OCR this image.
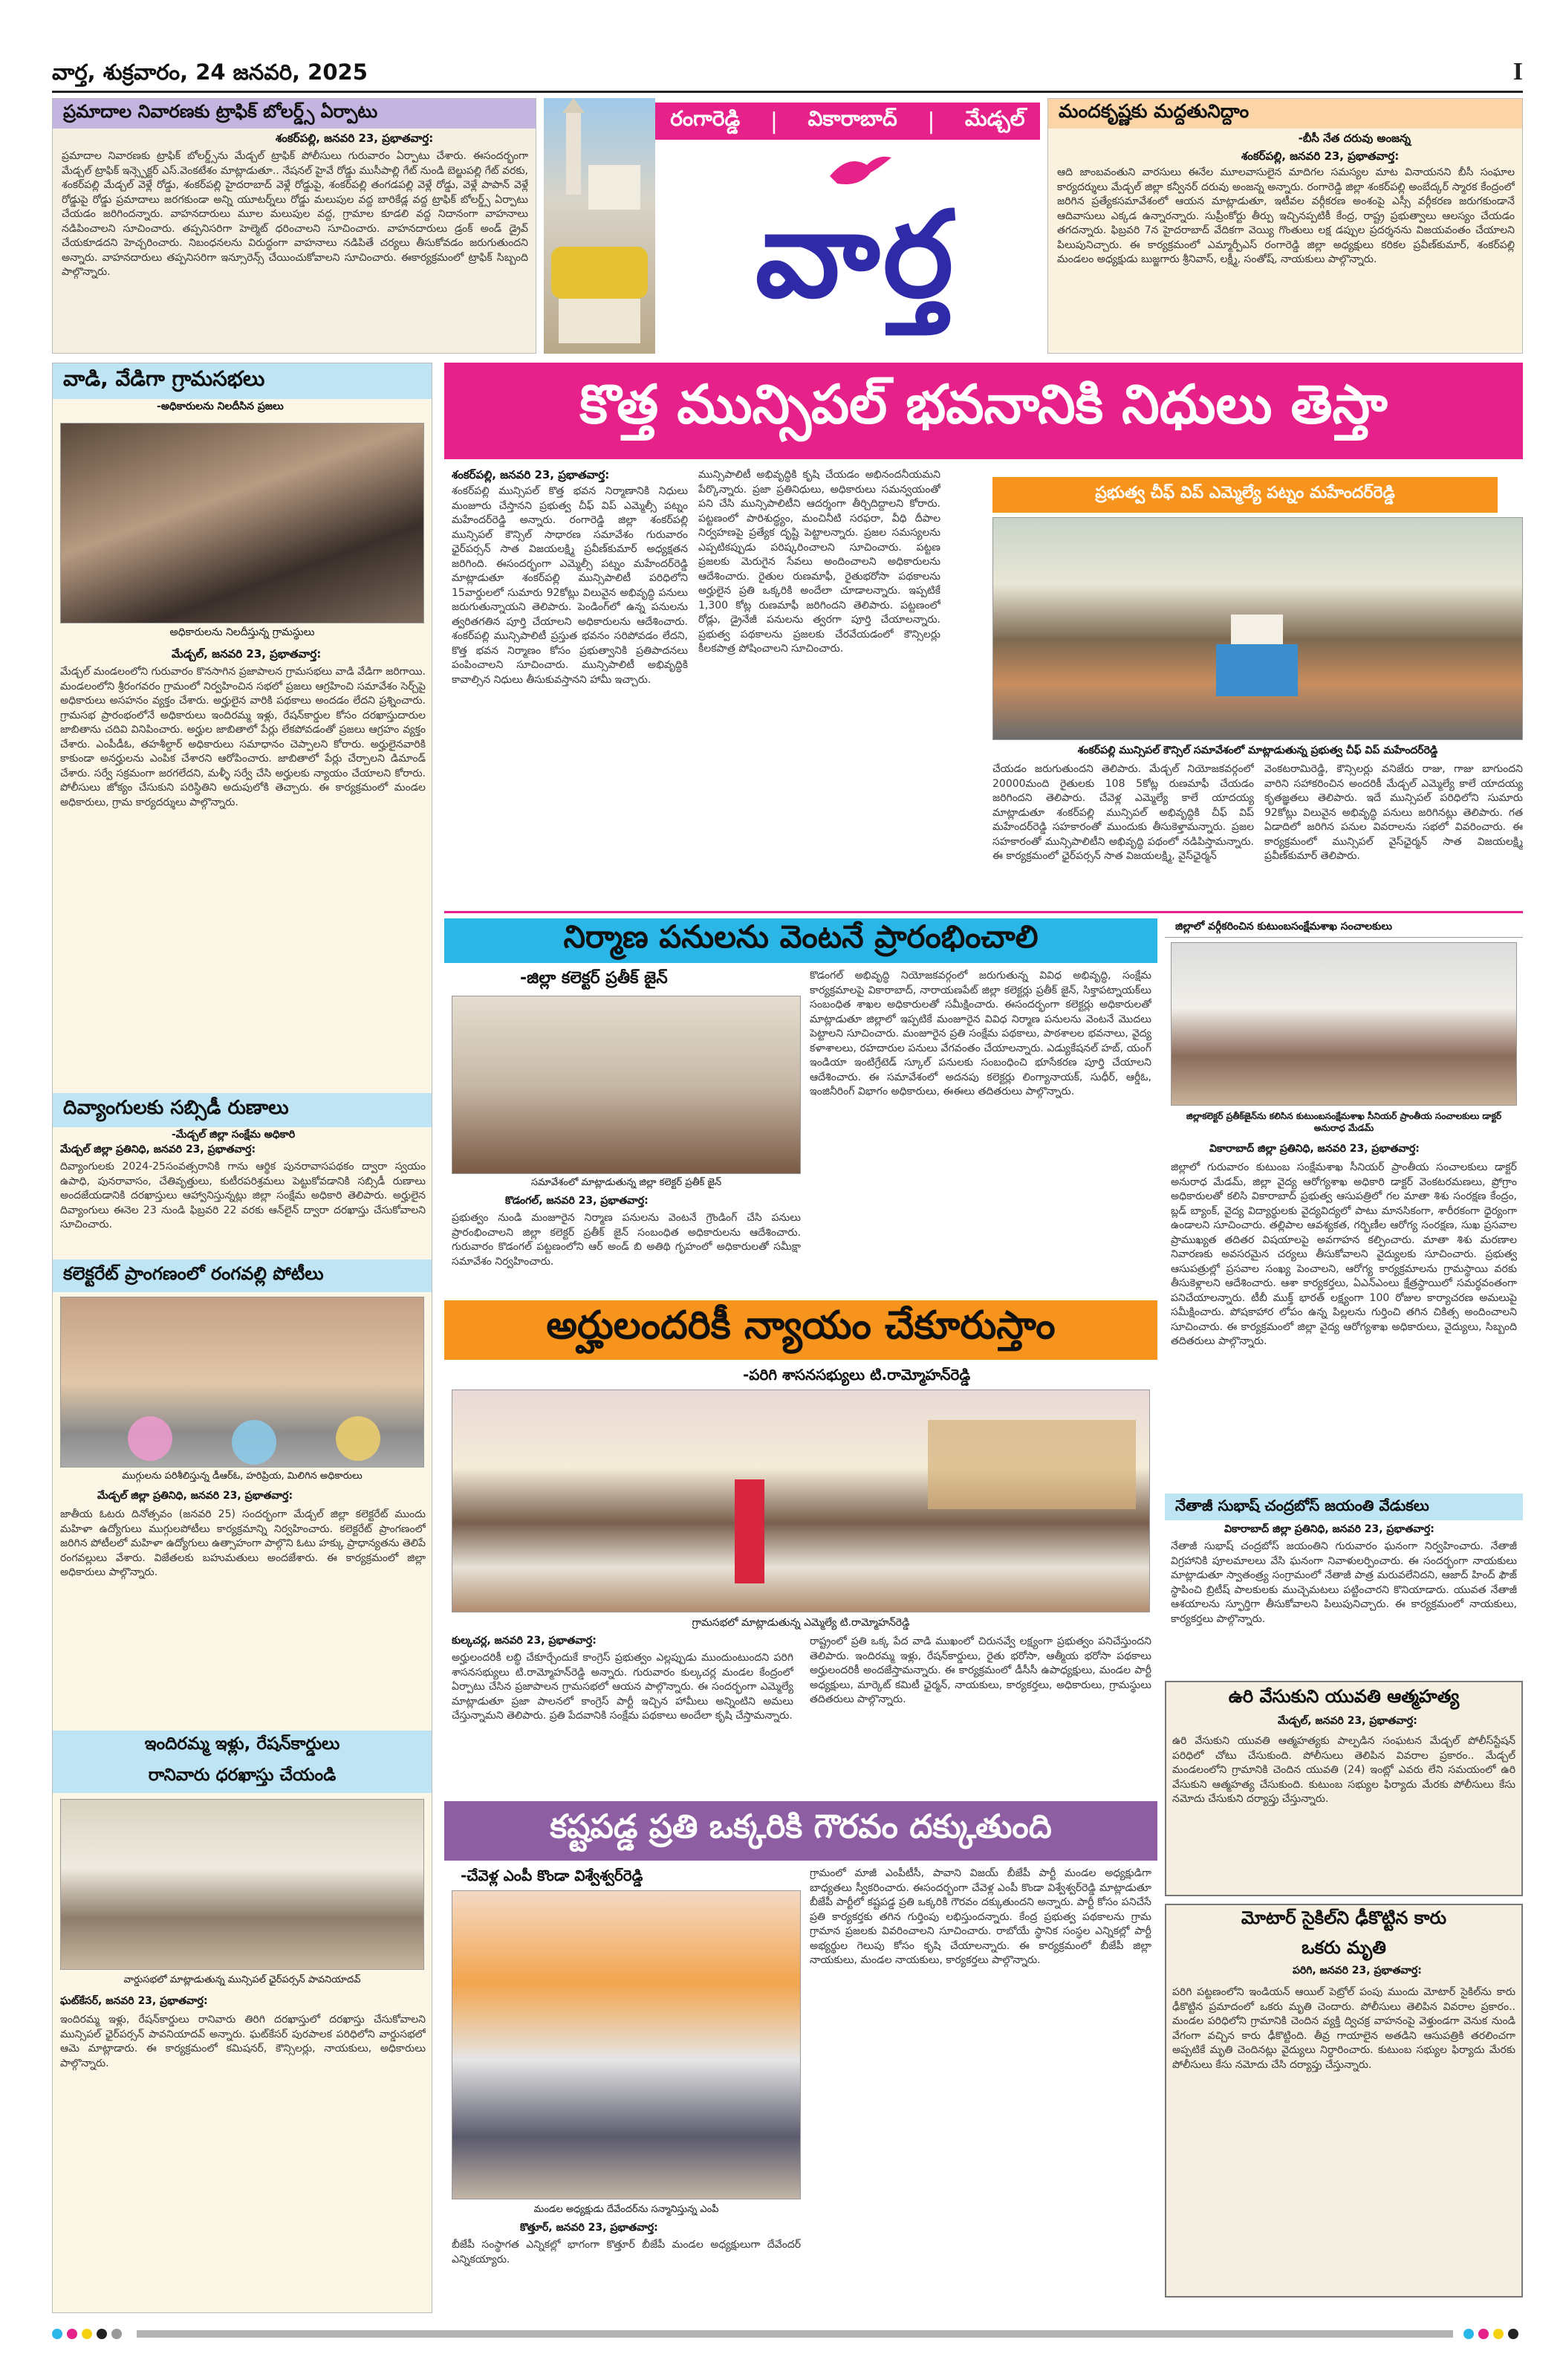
వార్త, శుక్రవారం, 24 జనవరి, 2025	I
ప్రమాదాల నివారణకు ట్రాఫిక్ బోలర్డ్స్ ఏర్పాటు
శంకర్‌పల్లి, జనవరి 23, ప్రభాతవార్త:
ప్రమాదాల నివారణకు ట్రాఫిక్ బోలర్డ్స్‌ను మేడ్చల్ ట్రాఫిక్ పోలీసులు గురువారం ఏర్పాటు చేశారు. ఈసందర్భంగా మేడ్చల్ ట్రాఫిక్ ఇన్స్పెక్టర్ ఎస్.వెంకటేశం మాట్లాడుతూ.. నేషనల్ హైవే రోడ్డు ముసీపాల్లి గేట్ నుండి బెల్జుపల్లి గేట్ వరకు, శంకర్‌పల్లి మేడ్చల్ వెళ్లే రోడ్డు, శంకర్‌పల్లి హైదరాబాద్ వెళ్లే రోడ్డుపై, శంకర్‌పల్లి తంగడపల్లి వెళ్లే రోడ్డు, వెళ్లే పాపాన్ వెళ్లే రోడ్డుపై రోడ్డు ప్రమాదాలు జరగకుండా అన్ని యూటర్న్‌లు రోడ్డు మలుపుల వద్ద బారికేడ్ల వద్ద ట్రాఫిక్ బోలర్డ్స్ ఏర్పాటు చేయడం జరిగిందన్నారు. వాహనదారులు మూల మలుపుల వద్ద, గ్రామాల కూడలి వద్ద నిదానంగా వాహనాలు నడిపించాలని సూచించారు. తప్పనిసరిగా హెల్మెట్ ధరించాలని సూచించారు. వాహనదారులు డ్రంక్ అండ్ డ్రైవ్ చేయకూడదని హెచ్చరించారు. నిబంధనలను విరుద్ధంగా వాహనాలు నడిపితే చర్యలు తీసుకోవడం జరుగుతుందని అన్నారు. వాహనదారులు తప్పనిసరిగా ఇన్సూరెన్స్ చేయించుకోవాలని సూచించారు. ఈకార్యక్రమంలో ట్రాఫిక్ సిబ్బంది పాల్గొన్నారు.
రంగారెడ్డి | వికారాబాద్ | మేడ్చల్
వార్త
మందకృష్ణకు మద్దతునిద్దాం
-బీసీ నేత దరువు అంజన్న
శంకర్‌పల్లి, జనవరి 23, ప్రభాతవార్త:
ఆది జాంబవంతుని వారసులు ఈనేల మూలవాసులైన మాదిగల సమస్యల మాట వినాయనని బీసీ సంఘాల కార్యదర్శులు మేడ్చల్ జిల్లా కన్వీనర్ దరువు అంజన్న అన్నారు. రంగారెడ్డి జిల్లా శంకర్‌పల్లి అంబేద్కర్ స్మారక కేంద్రంలో జరిగిన ప్రత్యేకసమావేశంలో ఆయన మాట్లాడుతూ, ఇటీవల వర్గీకరణ అంశంపై ఎస్సీ వర్గీకరణ జరుగకుండానే ఆదివాసులు ఎక్కడ ఉన్నారన్నారు. సుప్రీంకోర్టు తీర్పు ఇచ్చినప్పటికీ కేంద్ర, రాష్ట్ర ప్రభుత్వాలు ఆలస్యం చేయడం తగదన్నారు. ఫిబ్రవరి 7న హైదరాబాద్ వేదికగా వెయ్యి గొంతులు లక్ష డప్పుల ప్రదర్శనను విజయవంతం చేయాలని పిలుపునిచ్చారు. ఈ కార్యక్రమంలో ఎమ్మార్పీఎస్ రంగారెడ్డి జిల్లా అధ్యక్షులు కరికల ప్రవీణ్‌కుమార్, శంకర్‌పల్లి మండలం అధ్యక్షుడు బుజ్జగారు శ్రీనివాస్, లక్ష్మీ, సంతోష్, నాయకులు పాల్గొన్నారు.
వాడి, వేడిగా గ్రామసభలు
-అధికారులను నిలదీసిన ప్రజలు
అధికారులను నిలదీస్తున్న గ్రామస్థులు
మేడ్చల్, జనవరి 23, ప్రభాతవార్త:
మేడ్చల్ మండలంలోని గురువారం కొనసాగిన ప్రజాపాలన గ్రామసభలు వాడి వేడిగా జరిగాయి. మండలంలోని శ్రీరంగవరం గ్రామంలో నిర్వహించిన సభలో ప్రజలు ఆగ్రహించి సమావేశం సెర్చ్‌పై అధికారులు అసహనం వ్యక్తం చేశారు. అర్హులైన వారికి పథకాలు అందడం లేదని ప్రశ్నించారు. గ్రామసభ ప్రారంభంలోనే అధికారులు ఇందిరమ్మ ఇళ్లు, రేషన్‌కార్డుల కోసం దరఖాస్తుదారుల జాబితాను చదివి వినిపించారు. అర్హుల జాబితాలో పేర్లు లేకపోవడంతో ప్రజలు ఆగ్రహం వ్యక్తం చేశారు. ఎంపీడీఓ, తహశీల్దార్ అధికారులు సమాధానం చెప్పాలని కోరారు. అర్హులైనవారికి కాకుండా అనర్హులను ఎంపిక చేశారని ఆరోపించారు. జాబితాలో పేర్లు చేర్చాలని డిమాండ్ చేశారు. సర్వే సక్రమంగా జరగలేదని, మళ్ళీ సర్వే చేసి అర్హులకు న్యాయం చేయాలని కోరారు. పోలీసులు జోక్యం చేసుకుని పరిస్థితిని అదుపులోకి తెచ్చారు. ఈ కార్యక్రమంలో మండల అధికారులు, గ్రామ కార్యదర్శులు పాల్గొన్నారు.
దివ్యాంగులకు సబ్సిడీ రుణాలు
-మేడ్చల్ జిల్లా సంక్షేమ అధికారి
మేడ్చల్ జిల్లా ప్రతినిధి, జనవరి 23, ప్రభాతవార్త:
దివ్యాంగులకు 2024-25సంవత్సరానికి గాను ఆర్థిక పునరావాసపథకం ద్వారా స్వయం ఉపాధి, పునరావాసం, చేతివృత్తులు, కుటీరపరిశ్రమలు పెట్టుకోవడానికి సబ్సిడీ రుణాలు అందజేయడానికి దరఖాస్తులు ఆహ్వానిస్తున్నట్లు జిల్లా సంక్షేమ అధికారి తెలిపారు. అర్హులైన దివ్యాంగులు ఈనెల 23 నుండి ఫిబ్రవరి 22 వరకు ఆన్‌లైన్ ద్వారా దరఖాస్తు చేసుకోవాలని సూచించారు.
కలెక్టరేట్ ప్రాంగణంలో రంగవల్లి పోటీలు
ముగ్గులను పరిశీలిస్తున్న డీఆర్‌ఓ, హరిప్రియ, మిలిగిన అధికారులు
మేడ్చల్ జిల్లా ప్రతినిధి, జనవరి 23, ప్రభాతవార్త:
జాతీయ ఓటరు దినోత్సవం (జనవరి 25) సందర్భంగా మేడ్చల్ జిల్లా కలెక్టరేట్ ముందు మహిళా ఉద్యోగులు ముగ్గులపోటీలు కార్యక్రమాన్ని నిర్వహించారు. కలెక్టరేట్ ప్రాంగణంలో జరిగిన పోటీలలో మహిళా ఉద్యోగులు ఉత్సాహంగా పాల్గొని ఓటు హక్కు ప్రాధాన్యతను తెలిపే రంగవల్లులు వేశారు. విజేతలకు బహుమతులు అందజేశారు. ఈ కార్యక్రమంలో జిల్లా అధికారులు పాల్గొన్నారు.
ఇందిరమ్మ ఇళ్లు, రేషన్‌కార్డులు
రానివారు ధరఖాస్తు చేయండి
వార్డుసభలో మాట్లాడుతున్న మున్సిపల్ ఛైర్‌పర్సన్ పావనియాదవ్
ఘట్‌కేసర్, జనవరి 23, ప్రభాతవార్త:
ఇందిరమ్మ ఇళ్లు, రేషన్‌కార్డులు రానివారు తిరిగి దరఖాస్తులో దరఖాస్తు చేసుకోవాలని మున్సిపల్ ఛైర్‌పర్సన్ పావనియాదవ్ అన్నారు. ఘట్‌కేసర్ పురపాలక పరిధిలోని వార్డుసభలో ఆమె మాట్లాడారు. ఈ కార్యక్రమంలో కమిషనర్, కౌన్సిలర్లు, నాయకులు, అధికారులు పాల్గొన్నారు.
కొత్త మున్సిపల్ భవనానికి నిధులు తెస్తా
శంకర్‌పల్లి, జనవరి 23, ప్రభాతవార్త:
శంకర్‌పల్లి మున్సిపల్ కొత్త భవన నిర్మాణానికి నిధులు మంజూరు చేస్తానని ప్రభుత్వ చీఫ్ విప్ ఎమ్మెల్సీ పట్నం మహేందర్‌రెడ్డి అన్నారు. రంగారెడ్డి జిల్లా శంకర్‌పల్లి మున్సిపల్ కౌన్సిల్ సాధారణ సమావేశం గురువారం ఛైర్‌పర్సన్ సాత విజయలక్ష్మి ప్రవీణ్‌కుమార్ అధ్యక్షతన జరిగింది. ఈసందర్భంగా ఎమ్మెల్సీ పట్నం మహేందర్‌రెడ్డి మాట్లాడుతూ శంకర్‌పల్లి మున్సిపాలిటీ పరిధిలోని 15వార్డులలో సుమారు 92కోట్లు విలువైన అభివృద్ధి పనులు జరుగుతున్నాయని తెలిపారు. పెండింగ్‌లో ఉన్న పనులను త్వరితగతిన పూర్తి చేయాలని అధికారులను ఆదేశించారు. శంకర్‌పల్లి మున్సిపాలిటీ ప్రస్తుత భవనం సరిపోవడం లేదని, కొత్త భవన నిర్మాణం కోసం ప్రభుత్వానికి ప్రతిపాదనలు పంపించాలని సూచించారు. మున్సిపాలిటీ అభివృద్ధికి కావాల్సిన నిధులు తీసుకువస్తానని హామీ ఇచ్చారు.
మున్సిపాలిటీ అభివృద్ధికి కృషి చేయడం అభినందనీయమని పేర్కొన్నారు. ప్రజా ప్రతినిధులు, అధికారులు సమన్వయంతో పని చేసి మున్సిపాలిటీని ఆదర్శంగా తీర్చిదిద్దాలని కోరారు. పట్టణంలో పారిశుద్ధ్యం, మంచినీటి సరఫరా, వీధి దీపాల నిర్వహణపై ప్రత్యేక దృష్టి పెట్టాలన్నారు. ప్రజల సమస్యలను ఎప్పటికప్పుడు పరిష్కరించాలని సూచించారు. పట్టణ ప్రజలకు మెరుగైన సేవలు అందించాలని అధికారులను ఆదేశించారు. రైతుల రుణమాఫీ, రైతుభరోసా పథకాలను అర్హులైన ప్రతి ఒక్కరికి అందేలా చూడాలన్నారు. ఇప్పటికే 1,300 కోట్ల రుణమాఫీ జరిగిందని తెలిపారు. పట్టణంలో రోడ్లు, డ్రైనేజీ పనులను త్వరగా పూర్తి చేయాలన్నారు. ప్రభుత్వ పథకాలను ప్రజలకు చేరవేయడంలో కౌన్సిలర్లు కీలకపాత్ర పోషించాలని సూచించారు.
ప్రభుత్వ చీఫ్ విప్ ఎమ్మెల్యే పట్నం మహేందర్‌రెడ్డి
శంకర్‌పల్లి మున్సిపల్ కౌన్సిల్ సమావేశంలో మాట్లాడుతున్న ప్రభుత్వ చీఫ్ విప్ మహేందర్‌రెడ్డి
చేయడం జరుగుతుందని తెలిపారు. మేడ్చల్ నియోజకవర్గంలో 20000మంది రైతులకు 108 5కోట్ల రుణమాఫీ చేయడం జరిగిందని తెలిపారు. చేవెళ్ల ఎమ్మెల్యే కాలే యాదయ్య మాట్లాడుతూ శంకర్‌పల్లి మున్సిపల్ అభివృద్ధికి చీఫ్ విప్ మహేందర్‌రెడ్డి సహకారంతో ముందుకు తీసుకెళ్తామన్నారు. ప్రజల సహకారంతో మున్సిపాలిటీని అభివృద్ధి పథంలో నడిపిస్తామన్నారు. ఈ కార్యక్రమంలో ఛైర్‌పర్సన్ సాత విజయలక్ష్మి, వైస్‌ఛైర్మన్
వెంకటరామిరెడ్డి, కౌన్సిలర్లు వనిజేరు రాజు, గాజు బాగుందని వారిని సహాకరించిన అందరికీ మేడ్చల్ ఎమ్మెల్యే కాలే యాదయ్య కృతజ్ఞతలు తెలిపారు. ఇదే మున్సిపల్ పరిధిలోని సుమారు 92కోట్లు విలువైన అభివృద్ధి పనులు జరిగినట్లు తెలిపారు. గత ఏడాదిలో జరిగిన పనుల వివరాలను సభలో వివరించారు. ఈ కార్యక్రమంలో మున్సిపల్ వైస్‌ఛైర్మన్ సాత విజయలక్ష్మి ప్రవీణ్‌కుమార్ తెలిపారు.
నిర్మాణ పనులను వెంటనే ప్రారంభించాలి
-జిల్లా కలెక్టర్ ప్రతీక్ జైన్
సమావేశంలో మాట్లాడుతున్న జిల్లా కలెక్టర్ ప్రతీక్ జైన్
కొడంగల్, జనవరి 23, ప్రభాతవార్త:
ప్రభుత్వం నుండి మంజూరైన నిర్మాణ పనులను వెంటనే గ్రౌండింగ్ చేసి పనులు ప్రారంభించాలని జిల్లా కలెక్టర్ ప్రతీక్ జైన్ సంబంధిత అధికారులను ఆదేశించారు. గురువారం కొడంగల్ పట్టణంలోని ఆర్ అండ్ బి అతిథి గృహంలో అధికారులతో సమీక్షా సమావేశం నిర్వహించారు.
కొడంగల్ అభివృద్ధి నియోజకవర్గంలో జరుగుతున్న వివిధ అభివృద్ధి, సంక్షేమ కార్యక్రమాలపై వికారాబాద్, నారాయణపేట్ జిల్లా కలెక్టర్లు ప్రతీక్ జైన్, సిక్తాపట్నాయక్‌లు సంబంధిత శాఖల అధికారులతో సమీక్షించారు. ఈసందర్భంగా కలెక్టర్లు అధికారులతో మాట్లాడుతూ జిల్లాలో ఇప్పటికే మంజూరైన వివిధ నిర్మాణ పనులను వెంటనే మొదలు పెట్టాలని సూచించారు. మంజూరైన ప్రతి సంక్షేమ పథకాలు, పాఠశాలల భవనాలు, వైద్య కళాశాలలు, రహదారుల పనులు వేగవంతం చేయాలన్నారు. ఎడ్యుకేషనల్ హబ్, యంగ్ ఇండియా ఇంటిగ్రేటెడ్ స్కూల్ పనులకు సంబంధించి భూసేకరణ పూర్తి చేయాలని ఆదేశించారు. ఈ సమావేశంలో అదనపు కలెక్టర్లు లింగ్యానాయక్, సుధీర్, ఆర్డీఓ, ఇంజినీరింగ్ విభాగం అధికారులు, ఈఈలు తదితరులు పాల్గొన్నారు.
జిల్లాలో వర్గీకరించిన కుటుంబసంక్షేమశాఖ సంచాలకులు
జిల్లాకలెక్టర్ ప్రతీక్‌జైన్‌ను కలిసిన కుటుంబసంక్షేమశాఖ సీనియర్ ప్రాంతీయ సంచాలకులు డాక్టర్ అనురాధ మేడమ్
వికారాబాద్ జిల్లా ప్రతినిధి, జనవరి 23, ప్రభాతవార్త:
జిల్లాలో గురువారం కుటుంబ సంక్షేమశాఖ సీనియర్ ప్రాంతీయ సంచాలకులు డాక్టర్ అనురాధ మేడమ్, జిల్లా వైద్య ఆరోగ్యశాఖ అధికారి డాక్టర్ వెంకటరమణలు, ప్రోగ్రాం అధికారులతో కలిసి వికారాబాద్ ప్రభుత్వ ఆసుపత్రిలో గల మాతా శిశు సంరక్షణ కేంద్రం, బ్లడ్ బ్యాంక్, వైద్య విద్యార్థులకు వైద్యవిద్యలో పాటు మానసికంగా, శారీరకంగా ధైర్యంగా ఉండాలని సూచించారు. తల్లిపాల ఆవశ్యకత, గర్భిణీల ఆరోగ్య సంరక్షణ, సుఖ ప్రసవాల ప్రాముఖ్యత తదితర విషయాలపై అవగాహన కల్పించారు. మాతా శిశు మరణాల నివారణకు అవసరమైన చర్యలు తీసుకోవాలని వైద్యులకు సూచించారు. ప్రభుత్వ ఆసుపత్రుల్లో ప్రసవాల సంఖ్య పెంచాలని, ఆరోగ్య కార్యక్రమాలను గ్రామస్థాయి వరకు తీసుకెళ్లాలని ఆదేశించారు. ఆశా కార్యకర్తలు, ఏఎన్ఎంలు క్షేత్రస్థాయిలో సమర్థవంతంగా పనిచేయాలన్నారు. టీబీ ముక్త్ భారత్ లక్ష్యంగా 100 రోజుల కార్యాచరణ అమలుపై సమీక్షించారు. పోషకాహార లోపం ఉన్న పిల్లలను గుర్తించి తగిన చికిత్స అందించాలని సూచించారు. ఈ కార్యక్రమంలో జిల్లా వైద్య ఆరోగ్యశాఖ అధికారులు, వైద్యులు, సిబ్బంది తదితరులు పాల్గొన్నారు.
నేతాజీ సుభాష్ చంద్రబోస్ జయంతి వేడుకలు
వికారాబాద్ జిల్లా ప్రతినిధి, జనవరి 23, ప్రభాతవార్త:
నేతాజీ సుభాష్ చంద్రబోస్ జయంతిని గురువారం ఘనంగా నిర్వహించారు. నేతాజీ విగ్రహానికి పూలమాలలు వేసి ఘనంగా నివాళులర్పించారు. ఈ సందర్భంగా నాయకులు మాట్లాడుతూ స్వాతంత్ర్య సంగ్రామంలో నేతాజీ పాత్ర మరువలేనిదని, ఆజాద్ హింద్ ఫౌజ్ స్థాపించి బ్రిటీష్ పాలకులకు ముచ్చెమటలు పట్టించారని కొనియాడారు. యువత నేతాజీ ఆశయాలను స్ఫూర్తిగా తీసుకోవాలని పిలుపునిచ్చారు. ఈ కార్యక్రమంలో నాయకులు, కార్యకర్తలు పాల్గొన్నారు.
అర్హులందరికీ న్యాయం చేకూరుస్తాం
-పరిగి శాసనసభ్యులు టి.రామ్మోహన్‌రెడ్డి
గ్రామసభలో మాట్లాడుతున్న ఎమ్మెల్యే టి.రామ్మోహన్‌రెడ్డి
కుల్కచర్ల, జనవరి 23, ప్రభాతవార్త:
అర్హులందరికీ లబ్ధి చేకూర్చేందుకే కాంగ్రెస్ ప్రభుత్వం ఎల్లప్పుడు ముందుంటుందని పరిగి శాసనసభ్యులు టి.రామ్మోహన్‌రెడ్డి అన్నారు. గురువారం కుల్కచర్ల మండల కేంద్రంలో ఏర్పాటు చేసిన ప్రజాపాలన గ్రామసభలో ఆయన పాల్గొన్నారు. ఈ సందర్భంగా ఎమ్మెల్యే మాట్లాడుతూ ప్రజా పాలనలో కాంగ్రెస్ పార్టీ ఇచ్చిన హామీలు అన్నింటిని అమలు చేస్తున్నామని తెలిపారు. ప్రతి పేదవానికి సంక్షేమ పథకాలు అందేలా కృషి చేస్తామన్నారు.
రాష్ట్రంలో ప్రతి ఒక్క పేద వాడి ముఖంలో చిరునవ్వే లక్ష్యంగా ప్రభుత్వం పనిచేస్తుందని తెలిపారు. ఇందిరమ్మ ఇళ్లు, రేషన్‌కార్డులు, రైతు భరోసా, ఆత్మీయ భరోసా పథకాలు అర్హులందరికీ అందజేస్తామన్నారు. ఈ కార్యక్రమంలో డీసీసీ ఉపాధ్యక్షులు, మండల పార్టీ అధ్యక్షులు, మార్కెట్ కమిటీ ఛైర్మన్, నాయకులు, కార్యకర్తలు, అధికారులు, గ్రామస్థులు తదితరులు పాల్గొన్నారు.
కష్టపడ్డ ప్రతి ఒక్కరికి గౌరవం దక్కుతుంది
-చేవెళ్ల ఎంపీ కొండా విశ్వేశ్వర్‌రెడ్డి
మండల అధ్యక్షుడు దేవేందర్‌ను సన్మానిస్తున్న ఎంపీ
కొత్తూర్, జనవరి 23, ప్రభాతవార్త:
బీజేపీ సంస్థాగత ఎన్నికల్లో భాగంగా కొత్తూర్ బీజేపీ మండల అధ్యక్షులుగా దేవేందర్ ఎన్నికయ్యారు.
గ్రామంలో మాజీ ఎంపీటీసీ, పావాని విజయ్ బీజేపీ పార్టీ మండల అధ్యక్షుడిగా బాధ్యతలు స్వీకరించారు. ఈసందర్భంగా చేవెళ్ల ఎంపీ కొండా విశ్వేశ్వర్‌రెడ్డి మాట్లాడుతూ బీజేపీ పార్టీలో కష్టపడ్డ ప్రతి ఒక్కరికి గౌరవం దక్కుతుందని అన్నారు. పార్టీ కోసం పనిచేసే ప్రతి కార్యకర్తకు తగిన గుర్తింపు లభిస్తుందన్నారు. కేంద్ర ప్రభుత్వ పథకాలను గ్రామ గ్రామాన ప్రజలకు వివరించాలని సూచించారు. రాబోయే స్థానిక సంస్థల ఎన్నికల్లో పార్టీ అభ్యర్థుల గెలుపు కోసం కృషి చేయాలన్నారు. ఈ కార్యక్రమంలో బీజేపీ జిల్లా నాయకులు, మండల నాయకులు, కార్యకర్తలు పాల్గొన్నారు.
ఉరి వేసుకుని యువతి ఆత్మహత్య
మేడ్చల్, జనవరి 23, ప్రభాతవార్త:
ఉరి వేసుకుని యువతి ఆత్మహత్యకు పాల్పడిన సంఘటన మేడ్చల్ పోలీస్‌స్టేషన్ పరిధిలో చోటు చేసుకుంది. పోలీసులు తెలిపిన వివరాల ప్రకారం.. మేడ్చల్ మండలంలోని గ్రామానికి చెందిన యువతి (24) ఇంట్లో ఎవరు లేని సమయంలో ఉరి వేసుకుని ఆత్మహత్య చేసుకుంది. కుటుంబ సభ్యుల ఫిర్యాదు మేరకు పోలీసులు కేసు నమోదు చేసుకుని దర్యాప్తు చేస్తున్నారు.
మోటార్ సైకిల్‌ని ఢీకొట్టిన కారు
ఒకరు మృతి
పరిగి, జనవరి 23, ప్రభాతవార్త:
పరిగి పట్టణంలోని ఇండియన్ ఆయిల్ పెట్రోల్ పంపు ముందు మోటార్ సైకిల్‌ను కారు ఢీకొట్టిన ప్రమాదంలో ఒకరు మృతి చెందారు. పోలీసులు తెలిపిన వివరాల ప్రకారం.. మండల పరిధిలోని గ్రామానికి చెందిన వ్యక్తి ద్విచక్ర వాహనంపై వెళ్తుండగా వెనుక నుండి వేగంగా వచ్చిన కారు ఢీకొట్టింది. తీవ్ర గాయాలైన అతడిని ఆసుపత్రికి తరలించగా అప్పటికే మృతి చెందినట్లు వైద్యులు నిర్ధారించారు. కుటుంబ సభ్యుల ఫిర్యాదు మేరకు పోలీసులు కేసు నమోదు చేసి దర్యాప్తు చేస్తున్నారు.
